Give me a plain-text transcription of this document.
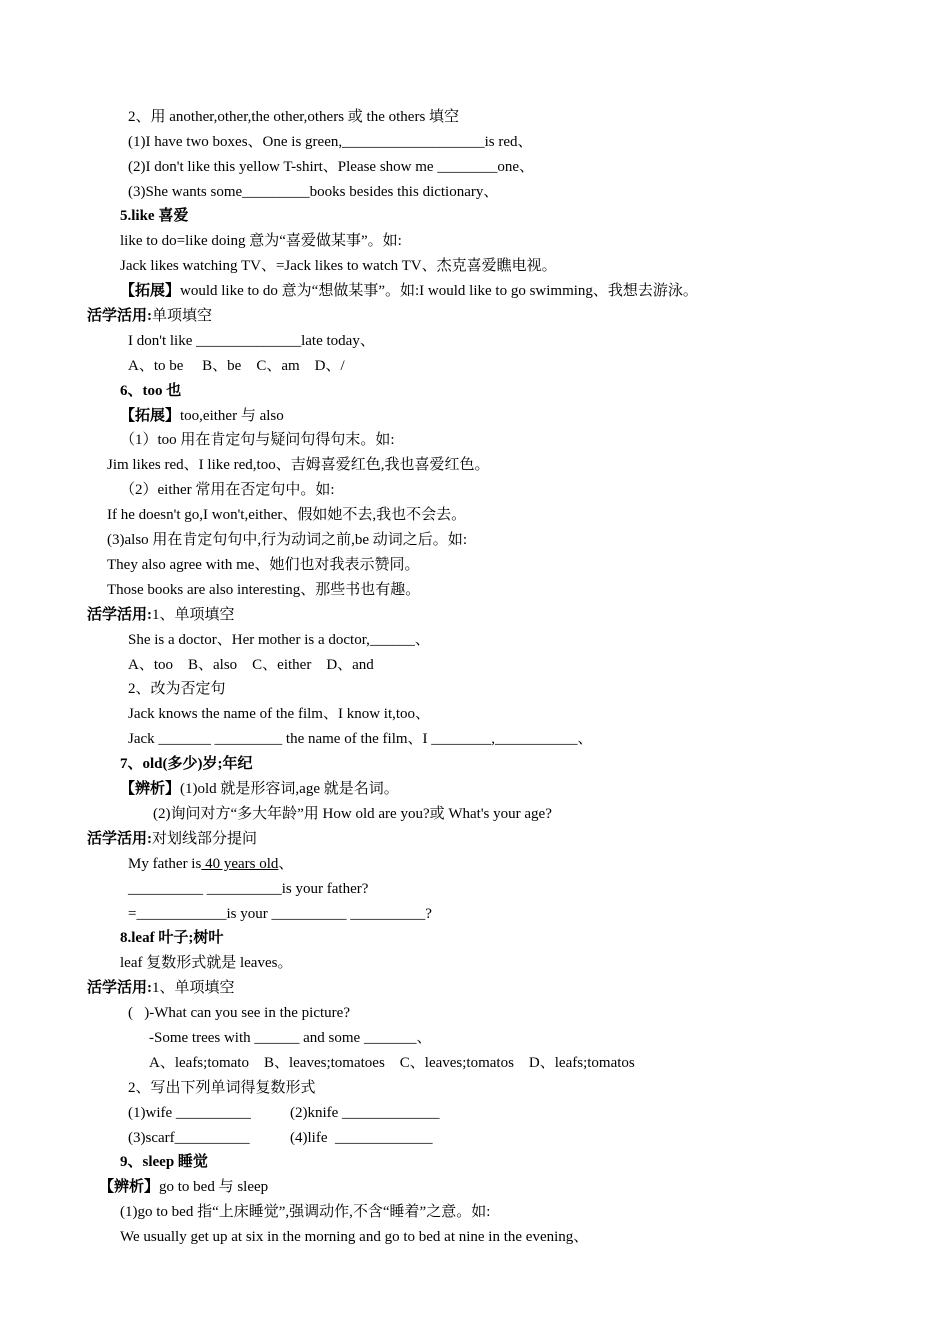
2、用 another,other,the other,others 或 the others 填空
(1)I have two boxes、One is green,___________________is red、
(2)I don't like this yellow T-shirt、Please show me ________one、
(3)She wants some_________books besides this dictionary、
5.like 喜爱
like to do=like doing 意为“喜爱做某事”。如:
Jack likes watching TV、=Jack likes to watch TV、杰克喜爱瞧电视。
【拓展】would like to do 意为“想做某事”。如:I would like to go swimming、我想去游泳。
活学活用:单项填空
I don't like ______________late today、
A、to be     B、be    C、am    D、/
6、too 也
【拓展】too,either 与 also
（1）too 用在肯定句与疑问句得句末。如:
Jim likes red、I like red,too、吉姆喜爱红色,我也喜爱红色。
（2）either 常用在否定句中。如:
If he doesn't go,I won't,either、假如她不去,我也不会去。
(3)also 用在肯定句句中,行为动词之前,be 动词之后。如:
They also agree with me、她们也对我表示赞同。
Those books are also interesting、那些书也有趣。
活学活用:1、单项填空
She is a doctor、Her mother is a doctor,______、
A、too    B、also    C、either    D、and
2、改为否定句
Jack knows the name of the film、I know it,too、
Jack _______ _________ the name of the film、I ________,___________、
7、old(多少)岁;年纪
【辨析】(1)old 就是形容词,age 就是名词。
(2)询问对方“多大年龄”用 How old are you?或 What's your age?
活学活用:对划线部分提问
My father is 40 years old、
__________ __________is your father?
=____________is your __________ __________?
8.leaf 叶子;树叶
leaf 复数形式就是 leaves。
活学活用:1、单项填空
(   )-What can you see in the picture?
-Some trees with ______ and some _______、
A、leafs;tomato    B、leaves;tomatoes    C、leaves;tomatos    D、leafs;tomatos
2、写出下列单词得复数形式
(1)wife __________	(2)knife _____________
(3)scarf__________	(4)life  _____________
9、sleep 睡觉
【辨析】go to bed 与 sleep
(1)go to bed 指“上床睡觉”,强调动作,不含“睡着”之意。如:
We usually get up at six in the morning and go to bed at nine in the evening、
